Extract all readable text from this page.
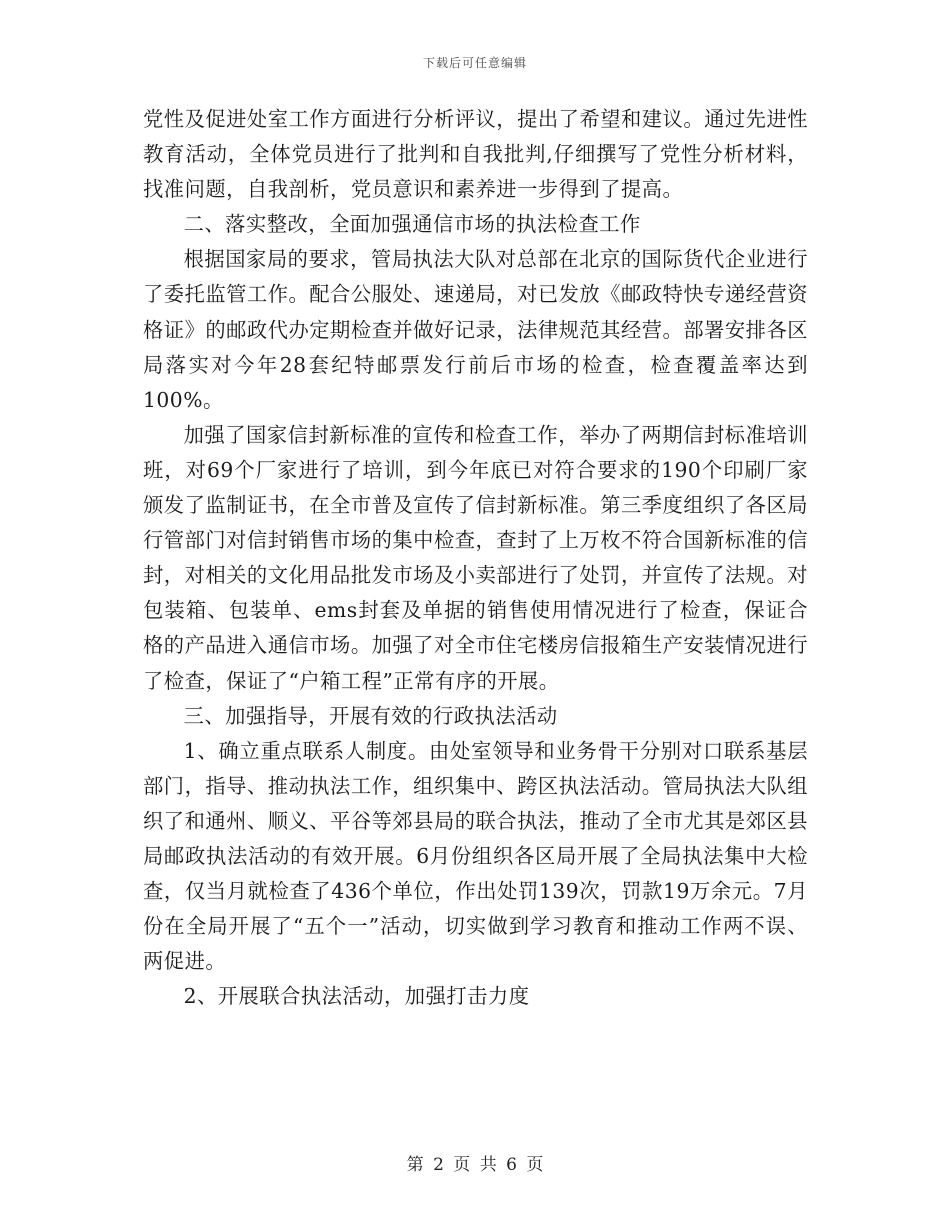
下载后可任意编辑

党性及促进处室工作方面进行分析评议，提出了希望和建议。通过先进性教育活动，全体党员进行了批判和自我批判,仔细撰写了党性分析材料，找准问题，自我剖析，党员意识和素养进一步得到了提高。

二、落实整改，全面加强通信市场的执法检查工作

根据国家局的要求，管局执法大队对总部在北京的国际货代企业进行了委托监管工作。配合公服处、速递局，对已发放《邮政特快专递经营资格证》的邮政代办定期检查并做好记录，法律规范其经营。部署安排各区局落实对今年28套纪特邮票发行前后市场的检查，检查覆盖率达到100%。

加强了国家信封新标准的宣传和检查工作，举办了两期信封标准培训班，对69个厂家进行了培训，到今年底已对符合要求的190个印刷厂家颁发了监制证书，在全市普及宣传了信封新标准。第三季度组织了各区局行管部门对信封销售市场的集中检查，查封了上万枚不符合国新标准的信封，对相关的文化用品批发市场及小卖部进行了处罚，并宣传了法规。对包装箱、包装单、ems封套及单据的销售使用情况进行了检查，保证合格的产品进入通信市场。加强了对全市住宅楼房信报箱生产安装情况进行了检查，保证了“户箱工程”正常有序的开展。

三、加强指导，开展有效的行政执法活动

1、确立重点联系人制度。由处室领导和业务骨干分别对口联系基层部门，指导、推动执法工作，组织集中、跨区执法活动。管局执法大队组织了和通州、顺义、平谷等郊县局的联合执法，推动了全市尤其是郊区县局邮政执法活动的有效开展。6月份组织各区局开展了全局执法集中大检查，仅当月就检查了436个单位，作出处罚139次，罚款19万余元。7月份在全局开展了“五个一”活动，切实做到学习教育和推动工作两不误、两促进。

2、开展联合执法活动，加强打击力度

第 2 页 共 6 页
